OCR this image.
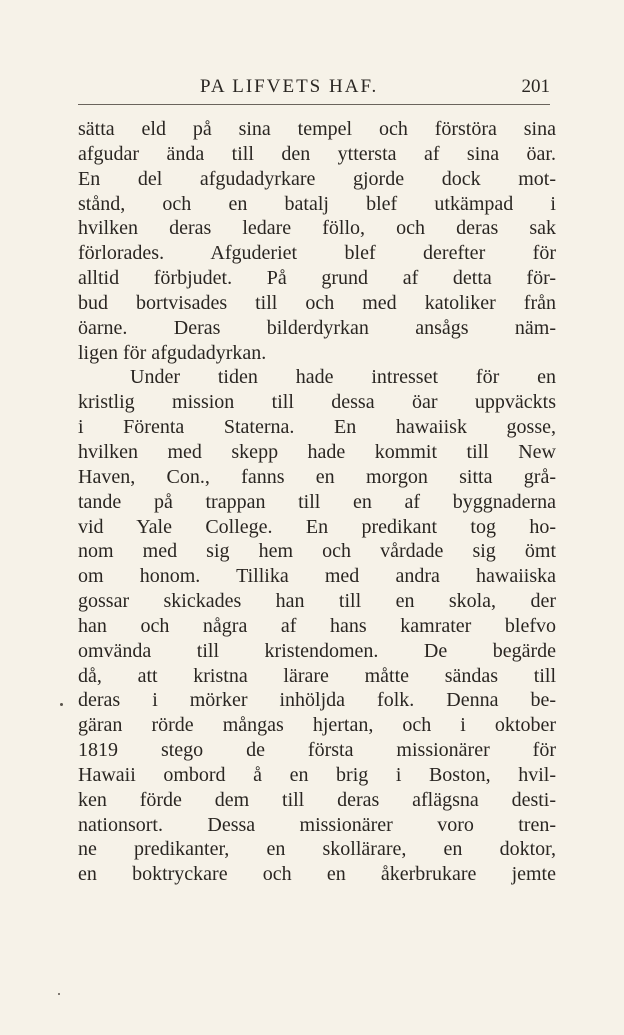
PA LIFVETS HAF.	201
sätta eld på sina tempel och förstöra sina
afgudar ända till den yttersta af sina öar.
En del afgudadyrkare gjorde dock mot-
stånd, och en batalj blef utkämpad i
hvilken deras ledare föllo, och deras sak
förlorades. Afguderiet blef derefter för
alltid förbjudet. På grund af detta för-
bud bortvisades till och med katoliker från
öarne. Deras bilderdyrkan ansågs näm-
ligen för afgudadyrkan.
Under tiden hade intresset för en
kristlig mission till dessa öar uppväckts
i Förenta Staterna. En hawaiisk gosse,
hvilken med skepp hade kommit till New
Haven, Con., fanns en morgon sitta grå-
tande på trappan till en af byggnaderna
vid Yale College. En predikant tog ho-
nom med sig hem och vårdade sig ömt
om honom. Tillika med andra hawaiiska
gossar skickades han till en skola, der
han och några af hans kamrater blefvo
omvända till kristendomen. De begärde
då, att kristna lärare måtte sändas till
deras i mörker inhöljda folk. Denna be-
gäran rörde mångas hjertan, och i oktober
1819 stego de första missionärer för
Hawaii ombord å en brig i Boston, hvil-
ken förde dem till deras aflägsna desti-
nationsort. Dessa missionärer voro tren-
ne predikanter, en skollärare, en doktor,
en boktryckare och en åkerbrukare jemte
